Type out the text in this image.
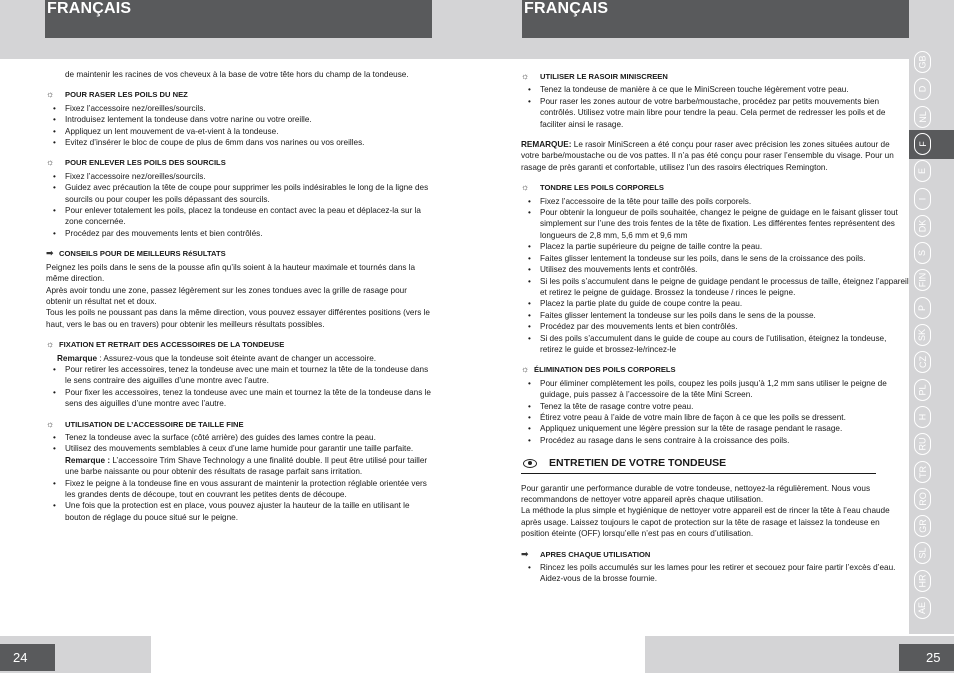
FRANÇAIS	FRANÇAIS

de maintenir les racines de vos cheveux à la base de votre tête hors du champ de la tondeuse.

☼	POUR RASER LES POILS DU NEZ
• Fixez l’accessoire nez/oreilles/sourcils.
• Introduisez lentement la tondeuse dans votre narine ou votre oreille.
• Appliquez un lent mouvement de va-et-vient à la tondeuse.
• Evitez d’insérer le bloc de coupe de plus de 6mm dans vos narines ou vos oreilles.
☼	POUR ENLEVER LES POILS DES SOURCILS
• Fixez l’accessoire nez/oreilles/sourcils.
• Guidez avec précaution la tête de coupe pour supprimer les poils indésirables le long de la ligne des sourcils ou pour couper les poils dépassant des sourcils.
• Pour enlever totalement les poils, placez la tondeuse en contact avec la peau et déplacez-la sur la zone concernée.
• Procédez par des mouvements lents et bien contrôlés.
➡ CONSEILS POUR DE MEILLEURS RéSULTATS

Peignez les poils dans le sens de la pousse afin qu’ils soient à la hauteur maximale et tournés dans la même direction.

Après avoir tondu une zone, passez légèrement sur les zones tondues avec la grille de rasage pour obtenir un résultat net et doux.

Tous les poils ne poussant pas dans la même direction, vous pouvez essayer différentes positions (vers le haut, vers le bas ou en travers) pour obtenir les meilleurs résultats possibles.

☼ FIXATION ET RETRAIT DES ACCESSOIRES DE LA TONDEUSE

Remarque : Assurez-vous que la tondeuse soit éteinte avant de changer un accessoire.

• Pour retirer les accessoires, tenez la tondeuse avec une main et tournez la tête de la tondeuse dans le sens contraire des aiguilles d’une montre avec l’autre.
• Pour fixer les accessoires, tenez la tondeuse avec une main et tournez la tête de la tondeuse dans le sens des aiguilles d’une montre avec l’autre.
☼	UTILISATION DE L’ACCESSOIRE DE TAILLE FINE
• Tenez la tondeuse avec la surface (côté arrière) des guides des lames contre la peau.
• Utilisez des mouvements semblables à ceux d’une lame humide pour garantir une taille parfaite.

Remarque : L’accessoire Trim Shave Technology a une finalité double. Il peut être utilisé pour tailler une barbe naissante ou pour obtenir des résultats de rasage parfait sans irritation.

• Fixez le peigne à la tondeuse fine en vous assurant de maintenir la protection réglable orientée vers les grandes dents de découpe, tout en couvrant les petites dents de découpe.
• Une fois que la protection est en place, vous pouvez ajuster la hauteur de la taille en utilisant le bouton de réglage du pouce situé sur le peigne.
☼	UTILISER LE RASOIR MINISCREEN
• Tenez la tondeuse de manière à ce que le MiniScreen touche légèrement votre peau.
• Pour raser les zones autour de votre barbe/moustache, procédez par petits mouvements bien contrôlés. Utilisez votre main libre pour tendre la peau. Cela permet de redresser les poils et de faciliter ainsi le rasage.

REMARQUE: Le rasoir MiniScreen a été conçu pour raser avec précision les zones situées autour de votre barbe/moustache ou de vos pattes. Il n’a pas été conçu pour raser l’ensemble du visage. Pour un rasage de près garanti et confortable, utilisez l’un des rasoirs électriques Remington.

☼	TONDRE LES POILS CORPORELS
• Fixez l’accessoire de la tête pour taille des poils corporels.
• Pour obtenir la longueur de poils souhaitée, changez le peigne de guidage en le faisant glisser tout simplement sur l’une des trois fentes de la tête de fixation. Les différentes fentes représentent des longueurs de 2,8 mm, 5,6 mm et 9,6 mm
• Placez la partie supérieure du peigne de taille contre la peau.
• Faites glisser lentement la tondeuse sur les poils, dans le sens de la croissance des poils.
• Utilisez des mouvements lents et contrôlés.
• Si les poils s’accumulent dans le peigne de guidage pendant le processus de taille, éteignez l’appareil et retirez le peigne de guidage. Brossez la tondeuse / rinces le peigne.
• Placez la partie plate du guide de coupe contre la peau.
• Faites glisser lentement la tondeuse sur les poils dans le sens de la pousse.
• Procédez par des mouvements lents et bien contrôlés.
• Si des poils s’accumulent dans le guide de coupe au cours de l’utilisation, éteignez la tondeuse, retirez le guide et brossez-le/rincez-le
☼ ÉLIMINATION DES POILS CORPORELS
• Pour éliminer complètement les poils, coupez les poils jusqu’à 1,2 mm sans utiliser le peigne de guidage, puis passez à l’accessoire de la tête Mini Screen.
• Tenez la tête de rasage contre votre peau.
• Étirez votre peau à l’aide de votre main libre de façon à ce que les poils se dressent.
• Appliquez uniquement une légère pression sur la tête de rasage pendant le rasage.
• Procédez au rasage dans le sens contraire à la croissance des poils.
ENTRETIEN DE VOTRE TONDEUSE

Pour garantir une performance durable de votre tondeuse, nettoyez-la régulièrement. Nous vous recommandons de nettoyer votre appareil après chaque utilisation.

La méthode la plus simple et hygiénique de nettoyer votre appareil est de rincer la tête à l’eau chaude après usage. Laissez toujours le capot de protection sur la tête de rasage et laissez la tondeuse en position éteinte (OFF) lorsqu’elle n’est pas en cours d’utilisation.

➡	APRES CHAQUE UTILISATION
• Rincez les poils accumulés sur les lames pour les retirer et secouez pour faire partir l’excès d’eau. Aidez-vous de la brosse fournie.
GB
D
NL
F
E
I
DK
S
FIN
P
SK
CZ
PL
H
RU
TR
RO
GR
SL
HR
AE
24	25
